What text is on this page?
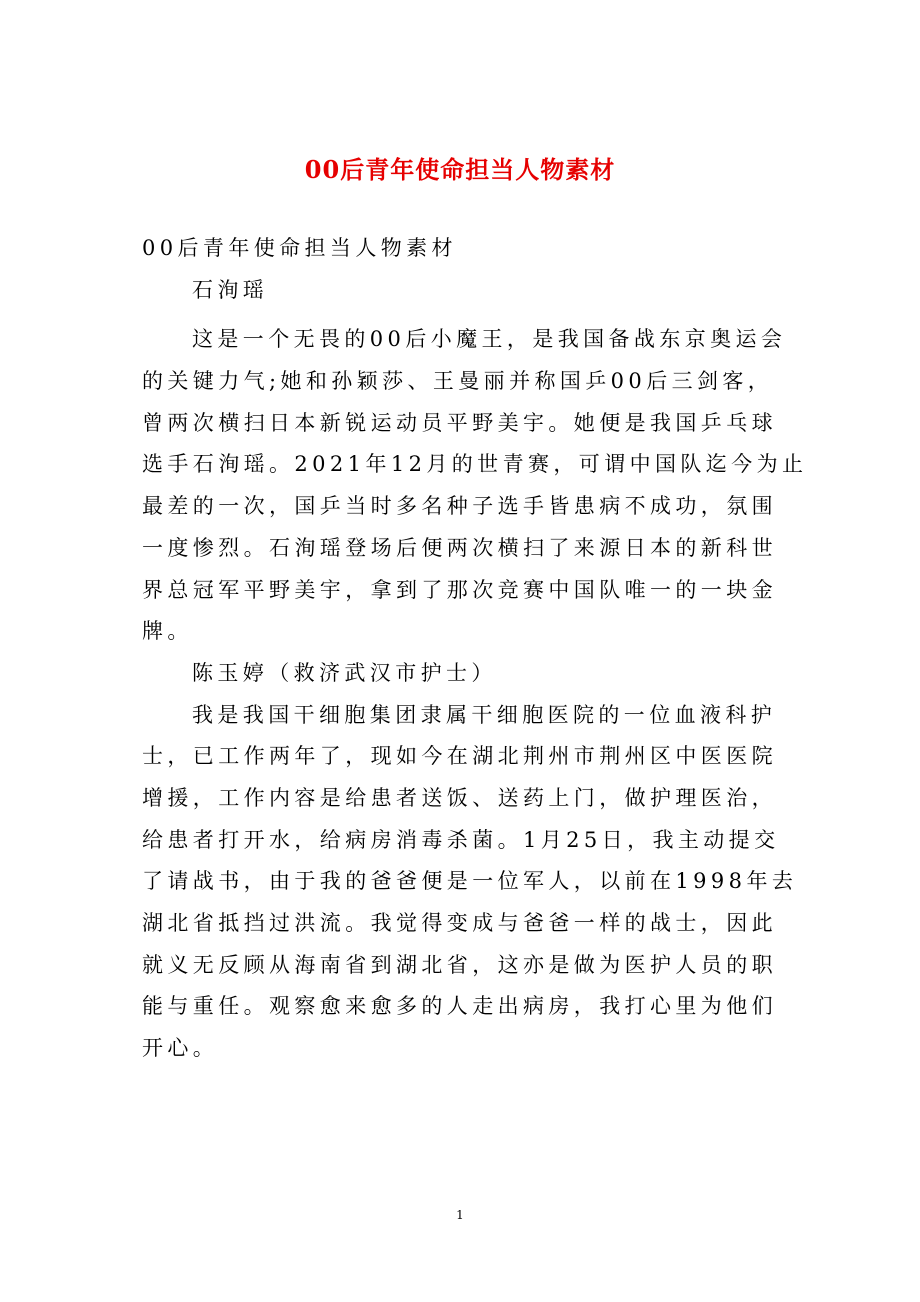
00后青年使命担当人物素材
00后青年使命担当人物素材
石洵瑶
这是一个无畏的00后小魔王，是我国备战东京奥运会
的关键力气;她和孙颖莎、王曼丽并称国乒00后三剑客，
曾两次横扫日本新锐运动员平野美宇。她便是我国乒乓球
选手石洵瑶。2021年12月的世青赛，可谓中国队迄今为止
最差的一次，国乒当时多名种子选手皆患病不成功，氛围
一度惨烈。石洵瑶登场后便两次横扫了来源日本的新科世
界总冠军平野美宇，拿到了那次竞赛中国队唯一的一块金
牌。
陈玉婷（救济武汉市护士）
我是我国干细胞集团隶属干细胞医院的一位血液科护
士，已工作两年了，现如今在湖北荆州市荆州区中医医院
增援，工作内容是给患者送饭、送药上门，做护理医治，
给患者打开水，给病房消毒杀菌。1月25日，我主动提交
了请战书，由于我的爸爸便是一位军人，以前在1998年去
湖北省抵挡过洪流。我觉得变成与爸爸一样的战士，因此
就义无反顾从海南省到湖北省，这亦是做为医护人员的职
能与重任。观察愈来愈多的人走出病房，我打心里为他们
开心。
1
